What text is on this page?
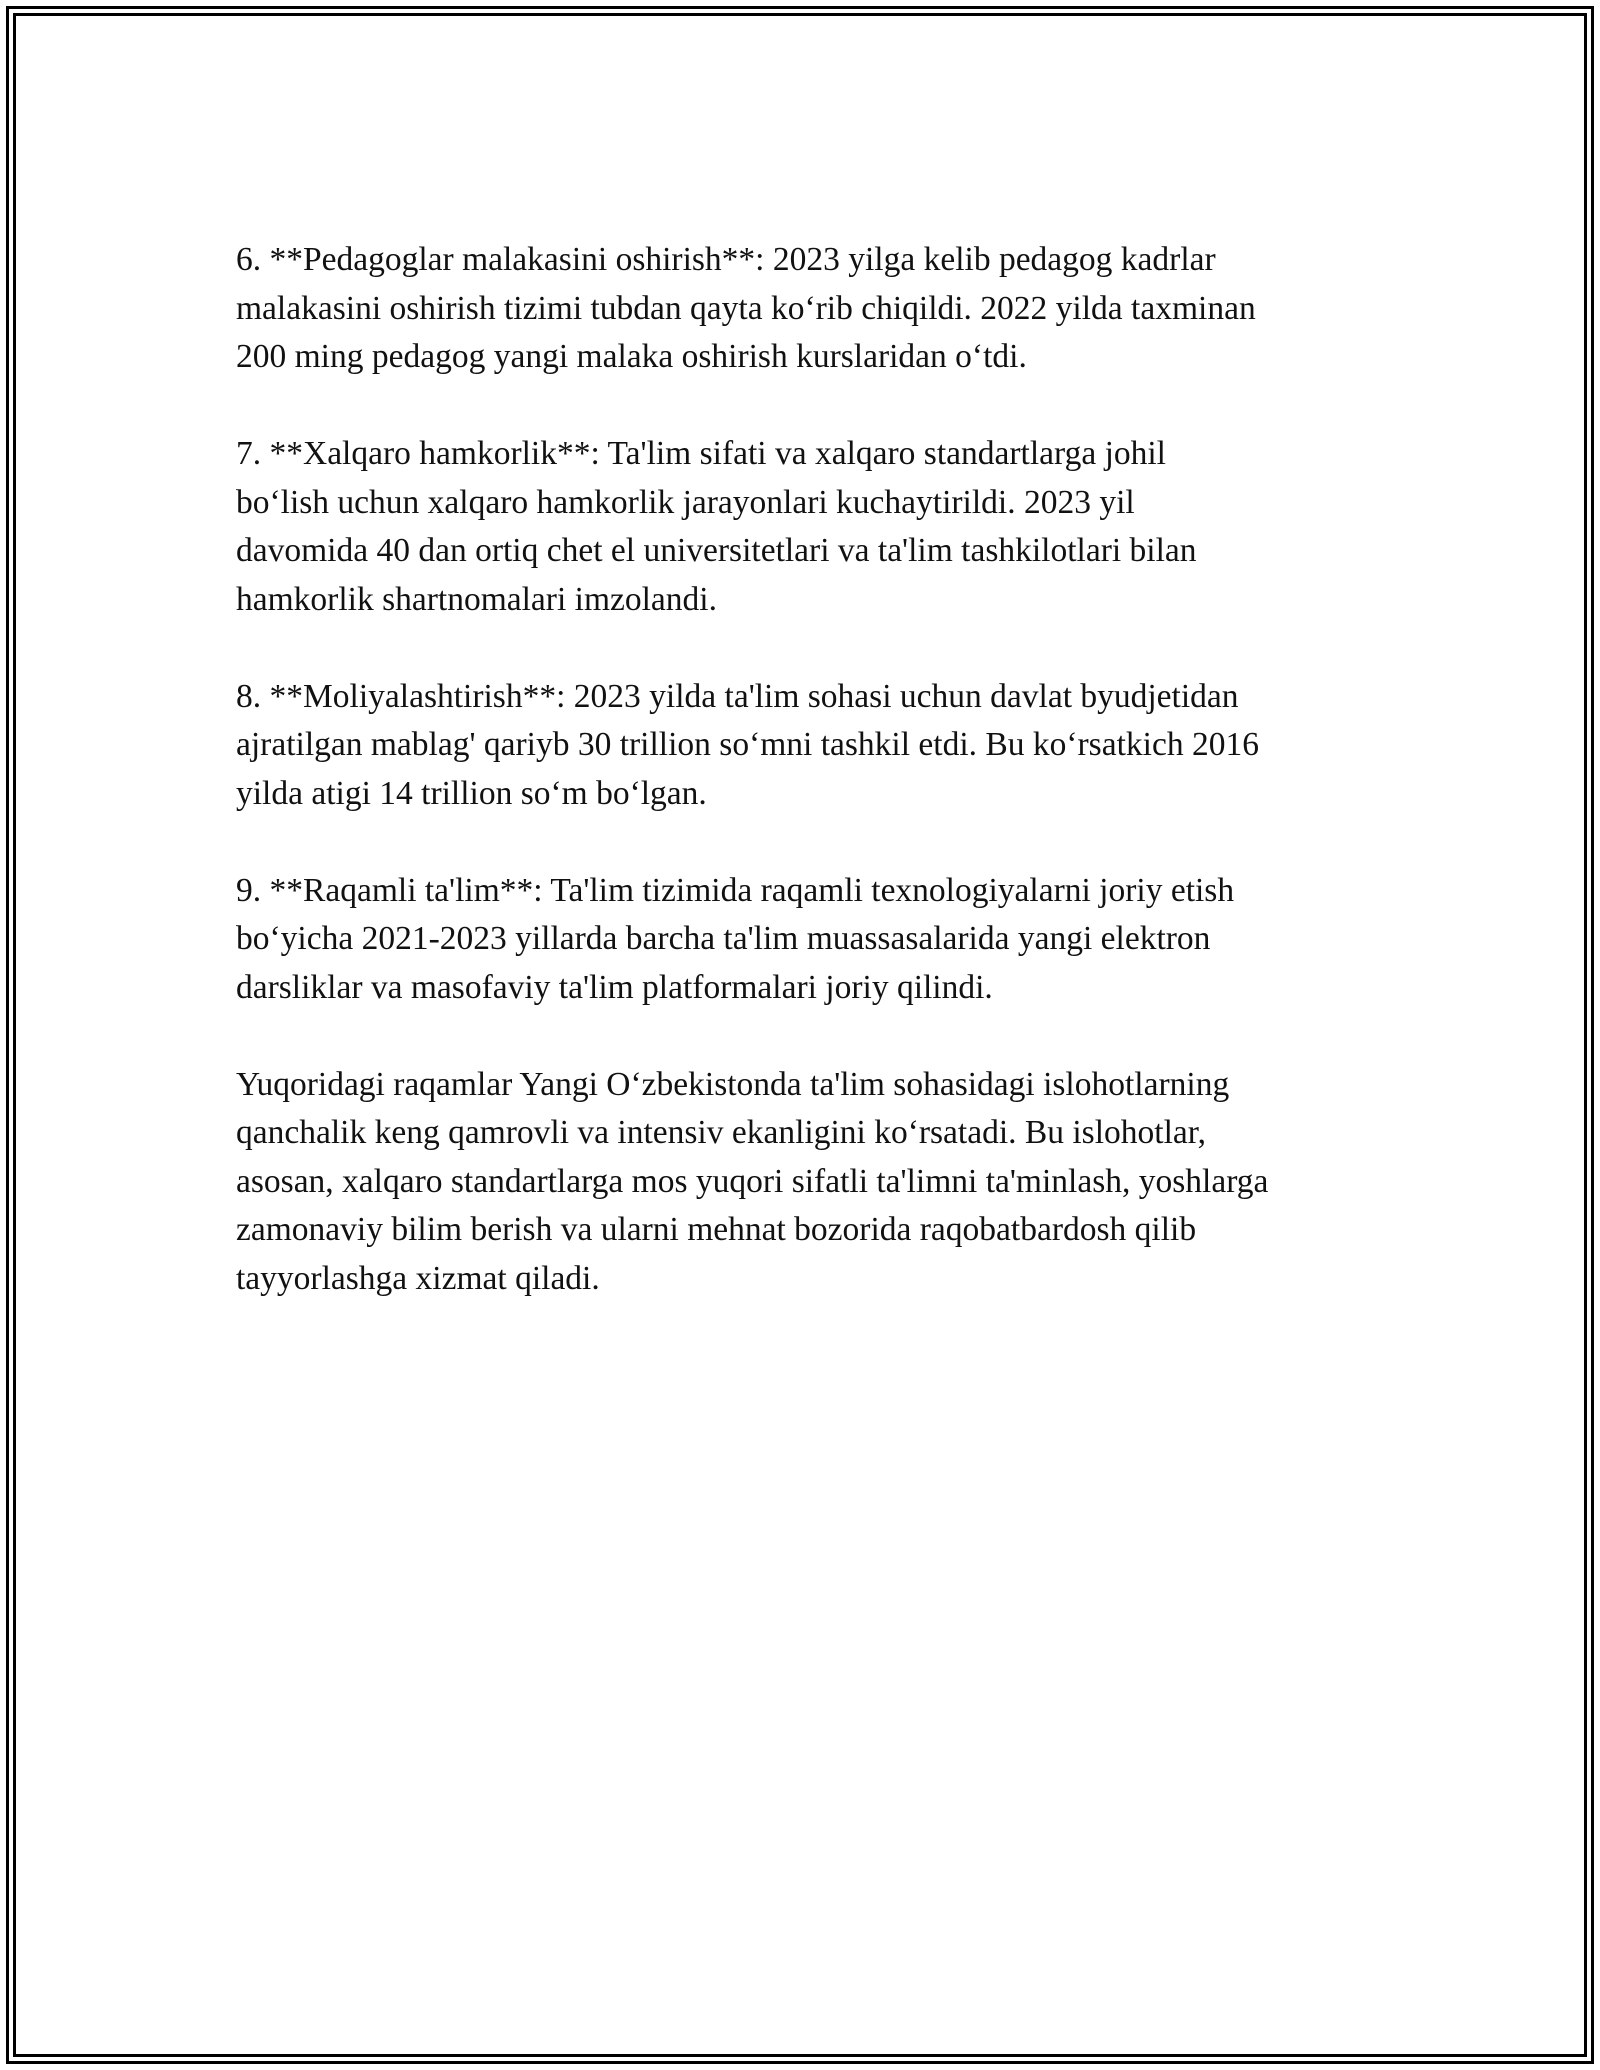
6. **Pedagoglar malakasini oshirish**: 2023 yilga kelib pedagog kadrlar
malakasini oshirish tizimi tubdan qayta koʻrib chiqildi. 2022 yilda taxminan
200 ming pedagog yangi malaka oshirish kurslaridan oʻtdi.

7. **Xalqaro hamkorlik**: Ta'lim sifati va xalqaro standartlarga johil
boʻlish uchun xalqaro hamkorlik jarayonlari kuchaytirildi. 2023 yil
davomida 40 dan ortiq chet el universitetlari va ta'lim tashkilotlari bilan
hamkorlik shartnomalari imzolandi.

8. **Moliyalashtirish**: 2023 yilda ta'lim sohasi uchun davlat byudjetidan
ajratilgan mablag' qariyb 30 trillion soʻmni tashkil etdi. Bu koʻrsatkich 2016
yilda atigi 14 trillion soʻm boʻlgan.

9. **Raqamli ta'lim**: Ta'lim tizimida raqamli texnologiyalarni joriy etish
boʻyicha 2021-2023 yillarda barcha ta'lim muassasalarida yangi elektron
darsliklar va masofaviy ta'lim platformalari joriy qilindi.

Yuqoridagi raqamlar Yangi Oʻzbekistonda ta'lim sohasidagi islohotlarning
qanchalik keng qamrovli va intensiv ekanligini koʻrsatadi. Bu islohotlar,
asosan, xalqaro standartlarga mos yuqori sifatli ta'limni ta'minlash, yoshlarga
zamonaviy bilim berish va ularni mehnat bozorida raqobatbardosh qilib
tayyorlashga xizmat qiladi.
